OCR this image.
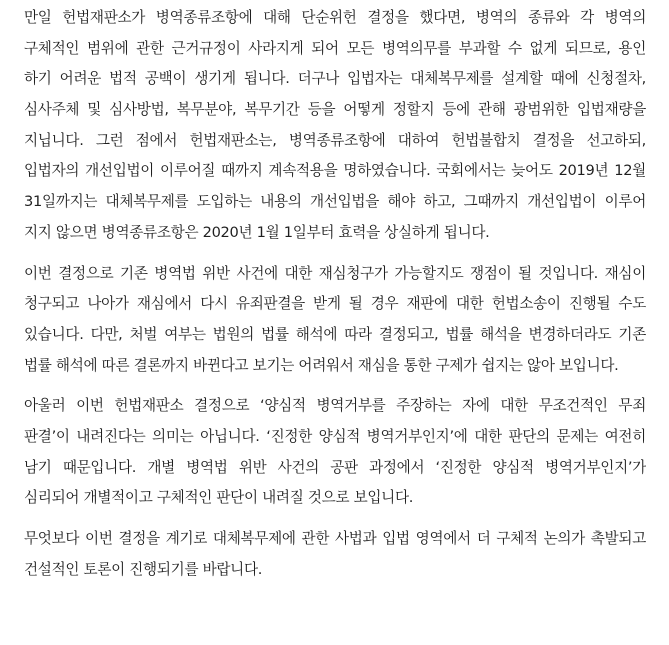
만일 헌법재판소가 병역종류조항에 대해 단순위헌 결정을 했다면, 병역의 종류와 각 병역의
구체적인 범위에 관한 근거규정이 사라지게 되어 모든 병역의무를 부과할 수 없게 되므로, 용인
하기 어려운 법적 공백이 생기게 됩니다. 더구나 입법자는 대체복무제를 설계할 때에 신청절차,
심사주체 및 심사방법, 복무분야, 복무기간 등을 어떻게 정할지 등에 관해 광범위한 입법재량을
지닙니다. 그런 점에서 헌법재판소는, 병역종류조항에 대하여 헌법불합치 결정을 선고하되,
입법자의 개선입법이 이루어질 때까지 계속적용을 명하였습니다. 국회에서는 늦어도 2019년 12월
31일까지는 대체복무제를 도입하는 내용의 개선입법을 해야 하고, 그때까지 개선입법이 이루어
지지 않으면 병역종류조항은 2020년 1월 1일부터 효력을 상실하게 됩니다.
이번 결정으로 기존 병역법 위반 사건에 대한 재심청구가 가능할지도 쟁점이 될 것입니다. 재심이
청구되고 나아가 재심에서 다시 유죄판결을 받게 될 경우 재판에 대한 헌법소송이 진행될 수도
있습니다. 다만, 처벌 여부는 법원의 법률 해석에 따라 결정되고, 법률 해석을 변경하더라도 기존
법률 해석에 따른 결론까지 바뀐다고 보기는 어려워서 재심을 통한 구제가 쉽지는 않아 보입니다.
아울러 이번 헌법재판소 결정으로 ‘양심적 병역거부를 주장하는 자에 대한 무조건적인 무죄
판결’이 내려진다는 의미는 아닙니다. ‘진정한 양심적 병역거부인지’에 대한 판단의 문제는 여전히
남기 때문입니다. 개별 병역법 위반 사건의 공판 과정에서 ‘진정한 양심적 병역거부인지’가
심리되어 개별적이고 구체적인 판단이 내려질 것으로 보입니다.
무엇보다 이번 결정을 계기로 대체복무제에 관한 사법과 입법 영역에서 더 구체적 논의가 촉발되고
건설적인 토론이 진행되기를 바랍니다.
